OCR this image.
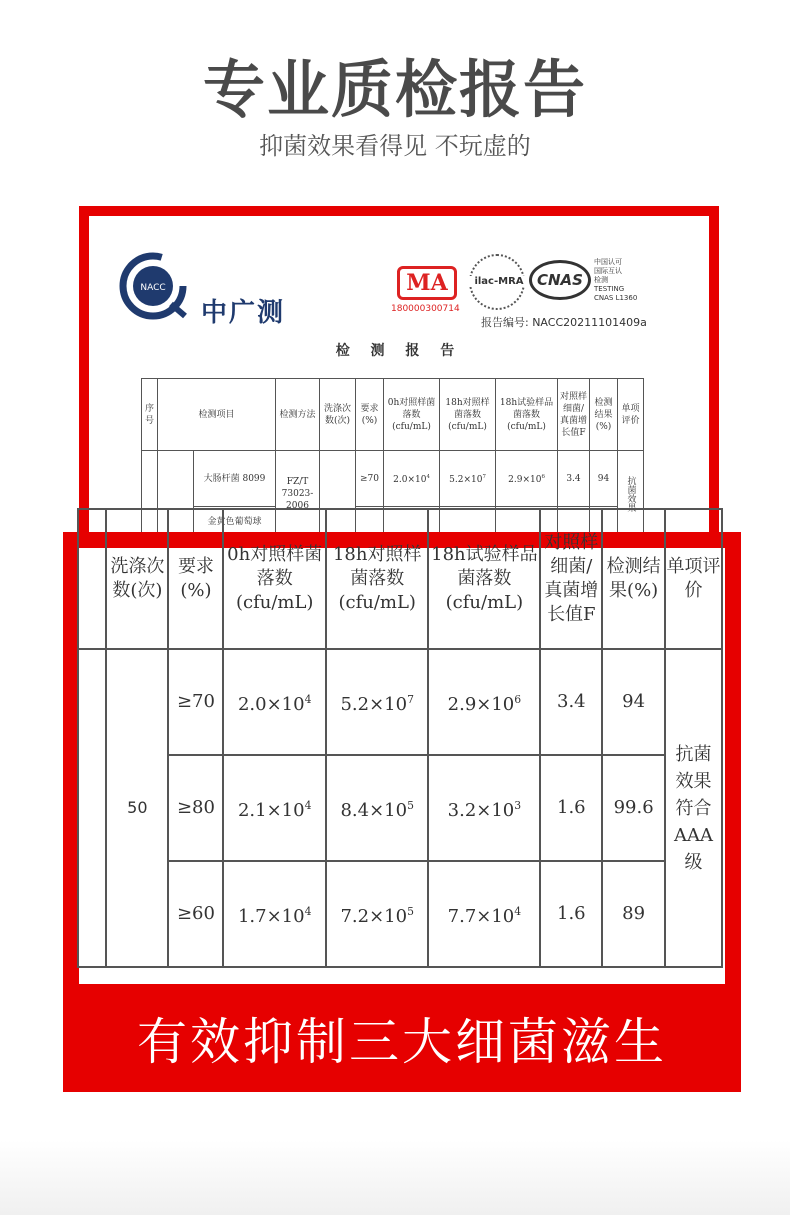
专业质检报告
抑菌效果看得见 不玩虚的
NACC
中广测
MA
180000300714
ilac-MRA CNAS
中国认可
国际互认
检测
TESTING
CNAS L1360
报告编号: NACC20211101409a
检 测 报 告
序号	检测项目		检测方法	洗涤次数(次)	要求(%)	0h对照样菌落数(cfu/mL)	18h对照样菌落数(cfu/mL)	18h试验样品菌落数(cfu/mL)	对照样细菌/真菌增长值F	检测结果(%)	单项评价
		大肠杆菌 8099	FZ/T 73023-2006		≥70	$2.0\times 10^4$	$5.2\times 10^7$	$2.9\times 10^6$	3.4	94	抗菌效果
		金黄色葡萄球									
	洗涤次数(次)	要求(%)	0h对照样菌落数(cfu/mL)	18h对照样菌落数(cfu/mL)	18h试验样品菌落数(cfu/mL)	对照样细菌/真菌增长值F	检测结果(%)	单项评价
	50	≥70	$2.0\times 10^4$	$5.2\times 10^7$	$2.9\times 10^6$	3.4	94	抗菌效果符合AAA级
		≥80	$2.1\times 10^4$	$8.4\times 10^5$	$3.2\times 10^3$	1.6	99.6	
		≥60	$1.7\times 10^4$	$7.2\times 10^5$	$7.7\times 10^4$	1.6	89	
有效抑制三大细菌滋生
